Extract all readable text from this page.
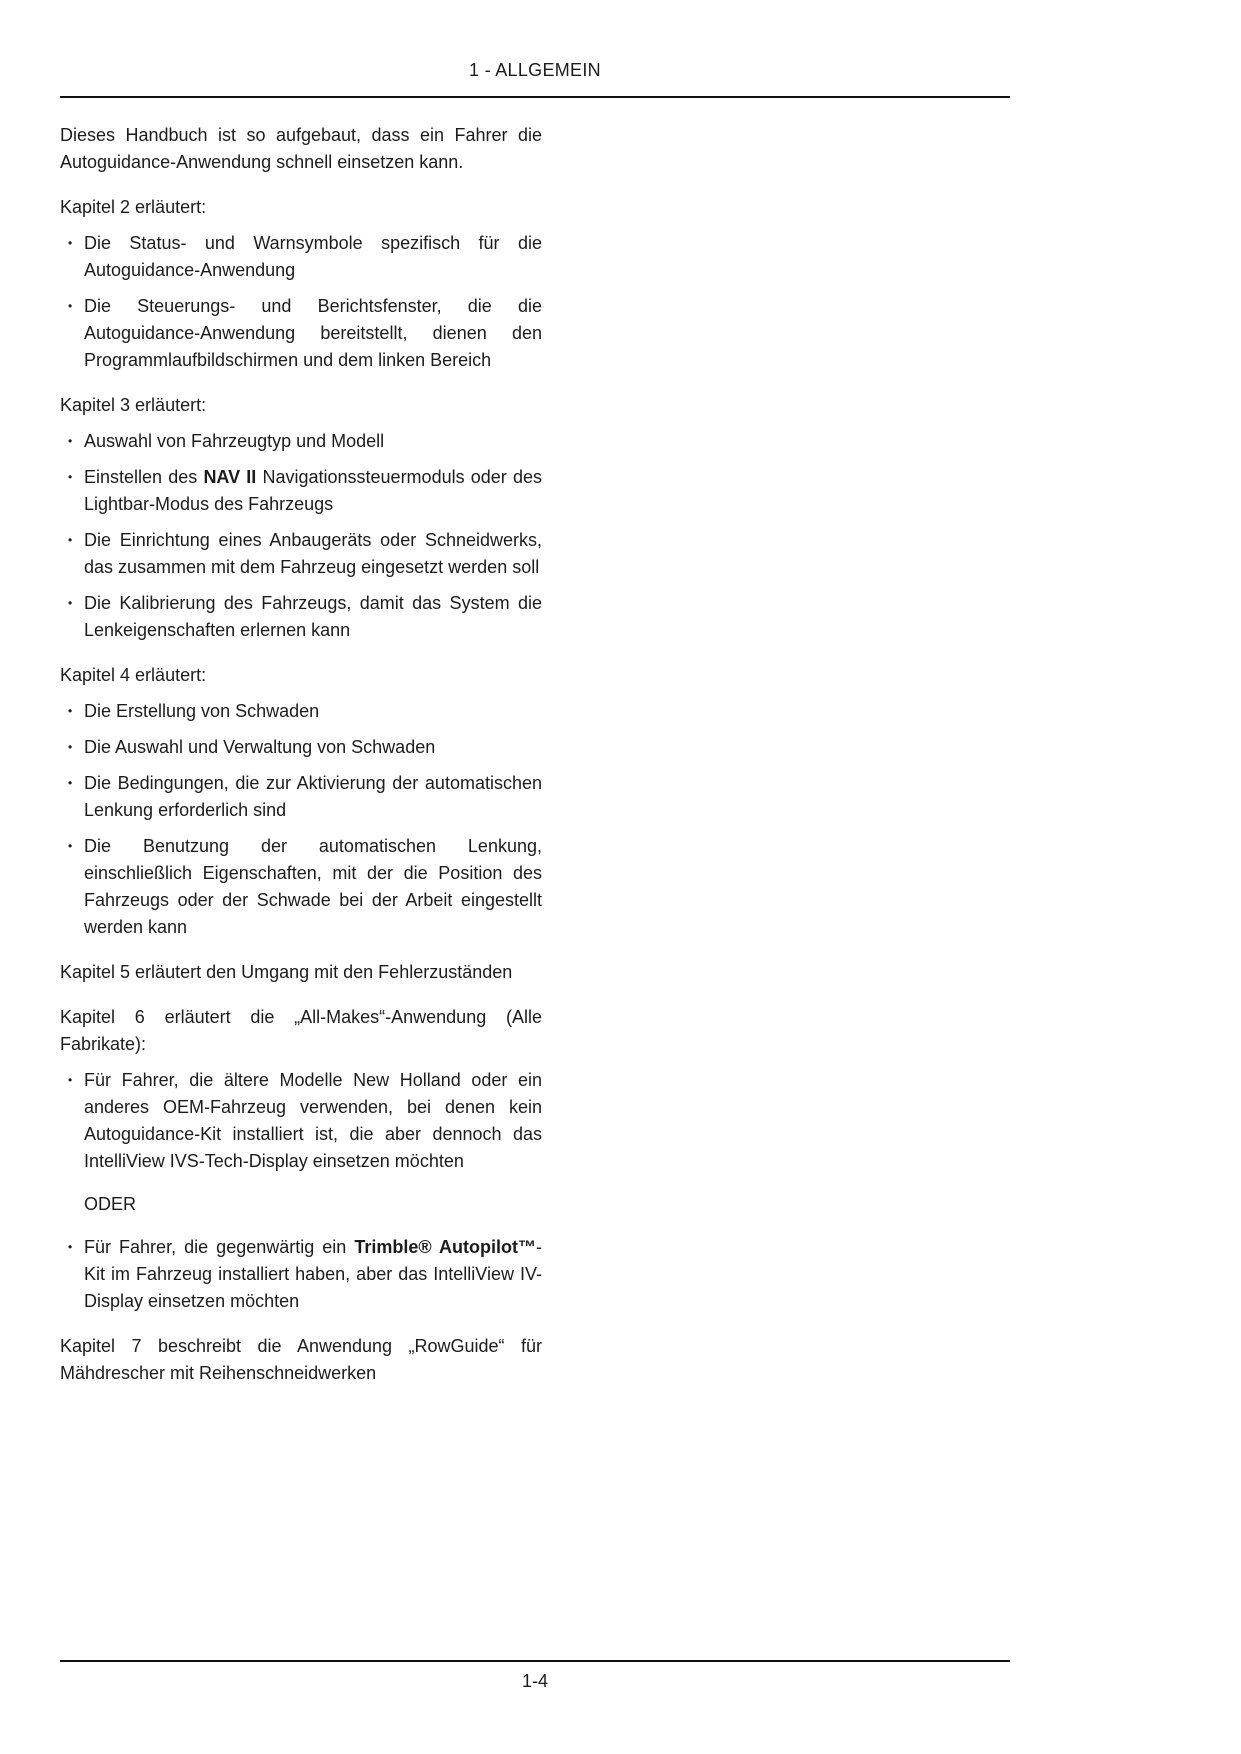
1 - ALLGEMEIN

Dieses Handbuch ist so aufgebaut, dass ein Fahrer die Autoguidance-Anwendung schnell einsetzen kann.

Kapitel 2 erläutert:

• Die Status- und Warnsymbole spezifisch für die Autoguidance-Anwendung
• Die Steuerungs- und Berichtsfenster, die die Autoguidance-Anwendung bereitstellt, dienen den Programmlaufbildschirmen und dem linken Bereich

Kapitel 3 erläutert:

• Auswahl von Fahrzeugtyp und Modell
• Einstellen des NAV II Navigationssteuermoduls oder des Lightbar-Modus des Fahrzeugs
• Die Einrichtung eines Anbaugeräts oder Schneidwerks, das zusammen mit dem Fahrzeug eingesetzt werden soll
• Die Kalibrierung des Fahrzeugs, damit das System die Lenkeigenschaften erlernen kann

Kapitel 4 erläutert:

• Die Erstellung von Schwaden
• Die Auswahl und Verwaltung von Schwaden
• Die Bedingungen, die zur Aktivierung der automatischen Lenkung erforderlich sind
• Die Benutzung der automatischen Lenkung, einschließlich Eigenschaften, mit der die Position des Fahrzeugs oder der Schwade bei der Arbeit eingestellt werden kann

Kapitel 5 erläutert den Umgang mit den Fehlerzuständen

Kapitel 6 erläutert die „All-Makes“-Anwendung (Alle Fabrikate):

• Für Fahrer, die ältere Modelle New Holland oder ein anderes OEM-Fahrzeug verwenden, bei denen kein Autoguidance-Kit installiert ist, die aber dennoch das IntelliView IVS-Tech-Display einsetzen möchten

ODER

• Für Fahrer, die gegenwärtig ein Trimble® Autopilot™-Kit im Fahrzeug installiert haben, aber das IntelliView IV-Display einsetzen möchten

Kapitel 7 beschreibt die Anwendung „RowGuide“ für Mähdrescher mit Reihenschneidwerken

1-4
